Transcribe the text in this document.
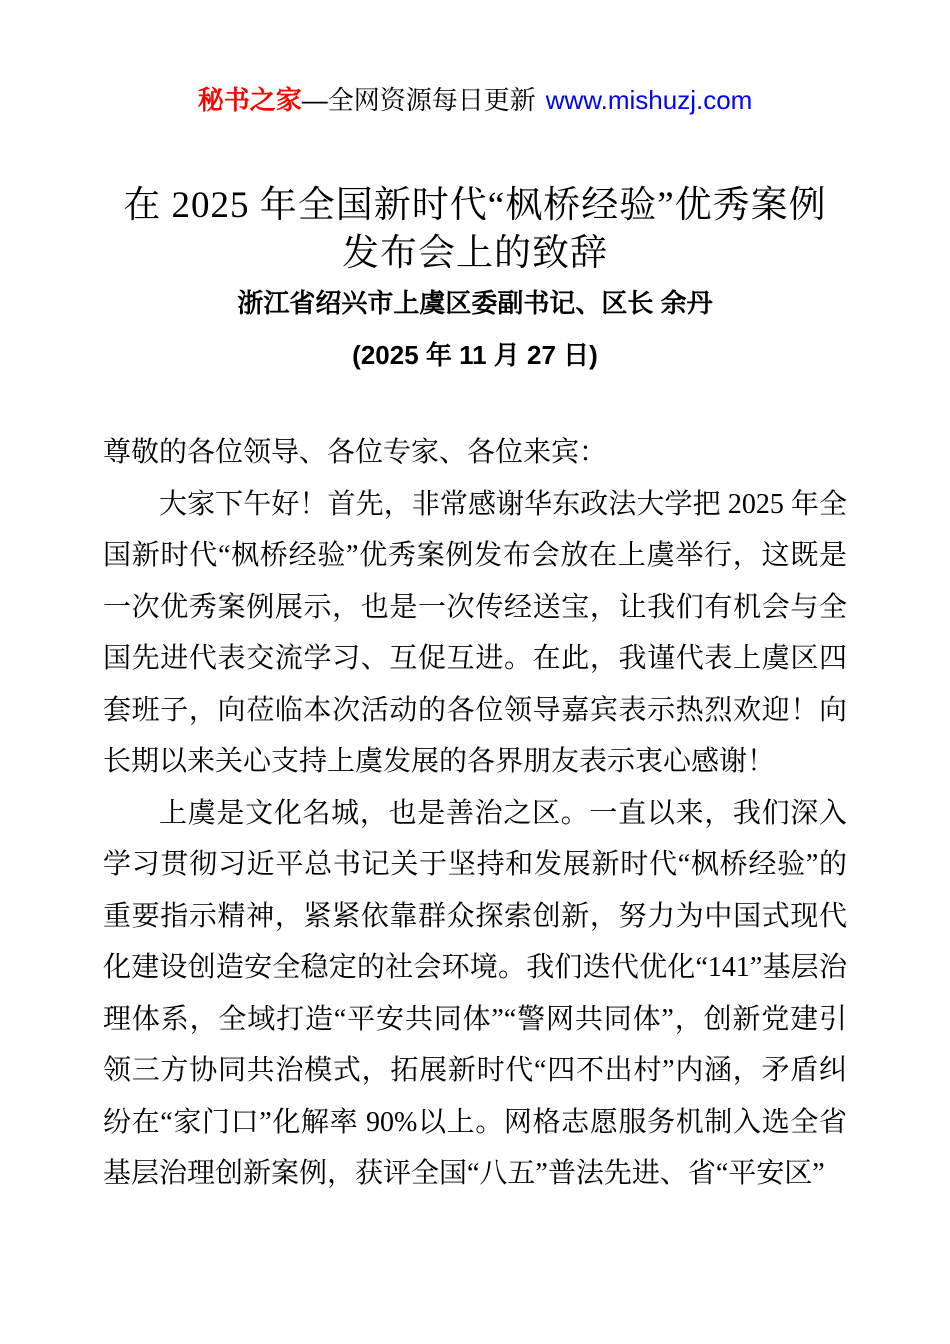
秘书之家—全网资源每日更新 www.mishuzj.com
在 2025 年全国新时代“枫桥经验”优秀案例
发布会上的致辞
浙江省绍兴市上虞区委副书记、区长 余丹
(2025 年 11 月 27 日)

尊敬的各位领导、各位专家、各位来宾：

大家下午好！首先，非常感谢华东政法大学把 2025 年全国新时代“枫桥经验”优秀案例发布会放在上虞举行，这既是一次优秀案例展示，也是一次传经送宝，让我们有机会与全国先进代表交流学习、互促互进。在此，我谨代表上虞区四套班子，向莅临本次活动的各位领导嘉宾表示热烈欢迎！向长期以来关心支持上虞发展的各界朋友表示衷心感谢！

上虞是文化名城，也是善治之区。一直以来，我们深入学习贯彻习近平总书记关于坚持和发展新时代“枫桥经验”的重要指示精神，紧紧依靠群众探索创新，努力为中国式现代化建设创造安全稳定的社会环境。我们迭代优化“141”基层治理体系，全域打造“平安共同体”“警网共同体”，创新党建引领三方协同共治模式，拓展新时代“四不出村”内涵，矛盾纠纷在“家门口”化解率 90%以上。网格志愿服务机制入选全省基层治理创新案例，获评全国“八五”普法先进、省“平安区”
